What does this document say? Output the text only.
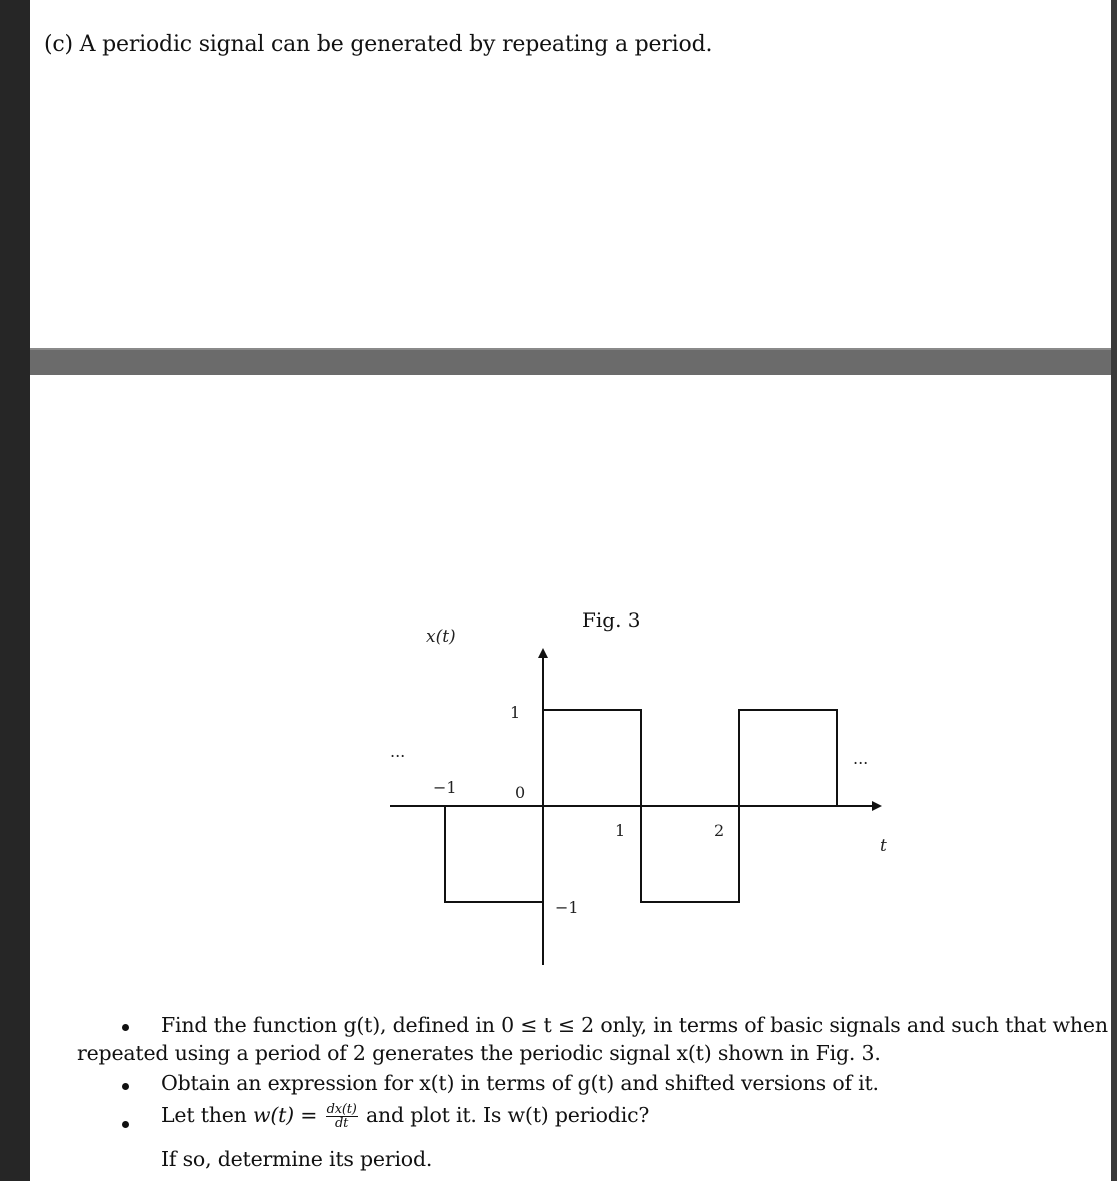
(c) A periodic signal can be generated by repeating a period.
x(t)
t
1
−1	0
1	2
−1
...	...
Fig. 3
Find the function g(t), defined in 0 ≤ t ≤ 2 only, in terms of basic signals and such that when
repeated using a period of 2 generates the periodic signal x(t) shown in Fig. 3.
Obtain an expression for x(t) in terms of g(t) and shifted versions of it.
Let then $w(t) = \frac{dx(t)}{dt}$ and plot it. Is w(t) periodic?
If so, determine its period.
